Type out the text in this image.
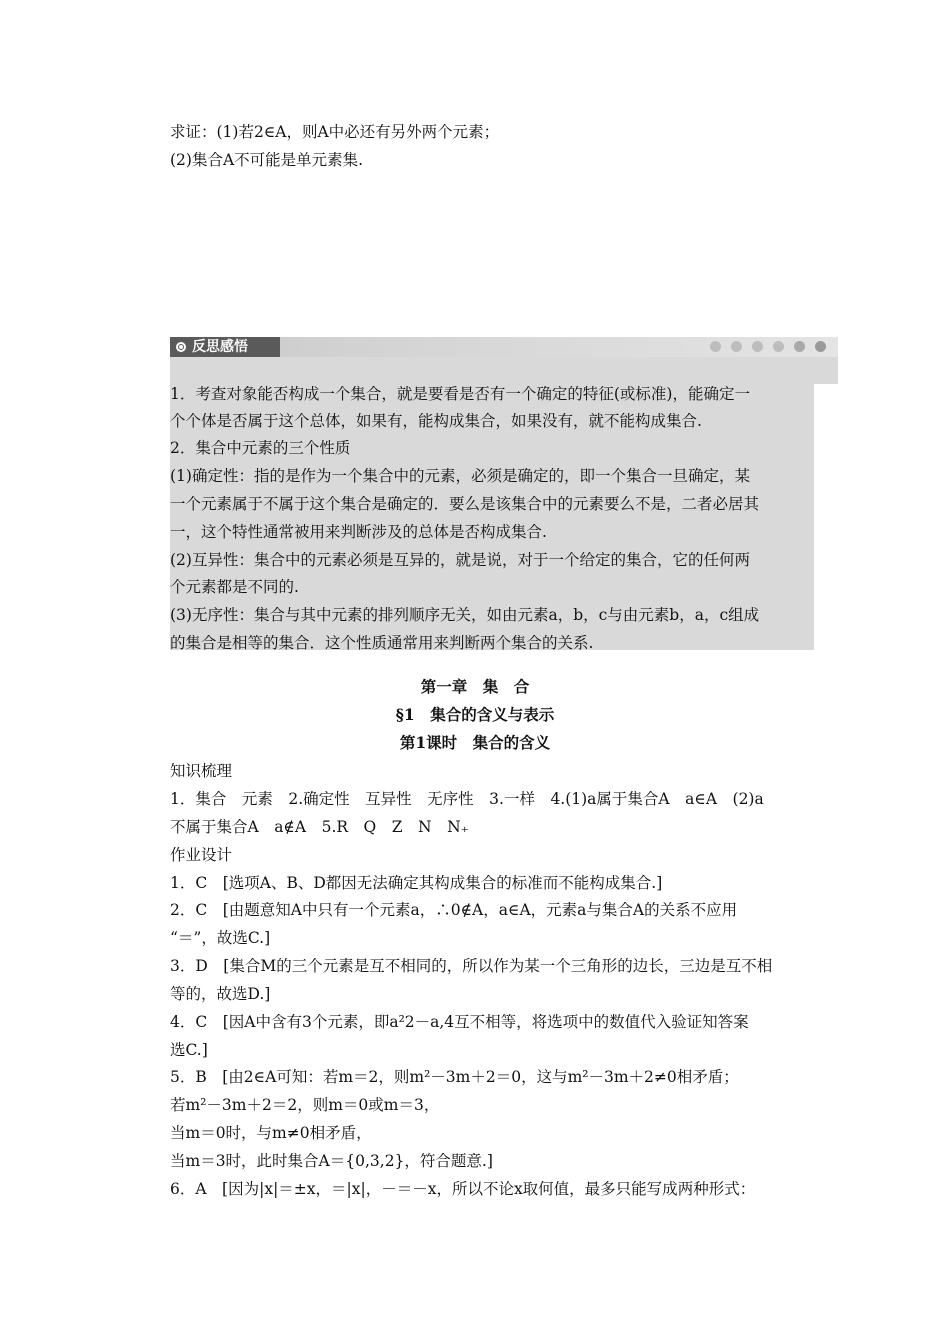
求证：(1)若2∈A，则A中必还有另外两个元素；
(2)集合A不可能是单元素集.
反思感悟
1．考查对象能否构成一个集合，就是要看是否有一个确定的特征(或标准)，能确定一
个个体是否属于这个总体，如果有，能构成集合，如果没有，就不能构成集合.
2．集合中元素的三个性质
(1)确定性：指的是作为一个集合中的元素，必须是确定的，即一个集合一旦确定，某
一个元素属于不属于这个集合是确定的．要么是该集合中的元素要么不是，二者必居其
一，这个特性通常被用来判断涉及的总体是否构成集合.
(2)互异性：集合中的元素必须是互异的，就是说，对于一个给定的集合，它的任何两
个元素都是不同的.
(3)无序性：集合与其中元素的排列顺序无关，如由元素a，b，c与由元素b，a，c组成
的集合是相等的集合．这个性质通常用来判断两个集合的关系.
第一章　集　合
§1　集合的含义与表示
第1课时　集合的含义
知识梳理
1．集合　元素　2.确定性　互异性　无序性　3.一样　4.(1)a属于集合A　a∈A　(2)a
不属于集合A　a∉A　5.R　Q　Z　N　N₊
作业设计
1．C　[选项A、B、D都因无法确定其构成集合的标准而不能构成集合.]
2．C　[由题意知A中只有一个元素a，∴0∉A，a∈A，元素a与集合A的关系不应用
“＝”，故选C.]
3．D　[集合M的三个元素是互不相同的，所以作为某一个三角形的边长，三边是互不相
等的，故选D.]
4．C　[因A中含有3个元素，即a²2－a,4互不相等，将选项中的数值代入验证知答案
选C.]
5．B　[由2∈A可知：若m＝2，则m²－3m＋2＝0，这与m²－3m＋2≠0相矛盾；
若m²－3m＋2＝2，则m＝0或m＝3，
当m＝0时，与m≠0相矛盾，
当m＝3时，此时集合A＝{0,3,2}，符合题意.]
6．A　[因为|x|＝±x，＝|x|，－＝－x，所以不论x取何值，最多只能写成两种形式：
